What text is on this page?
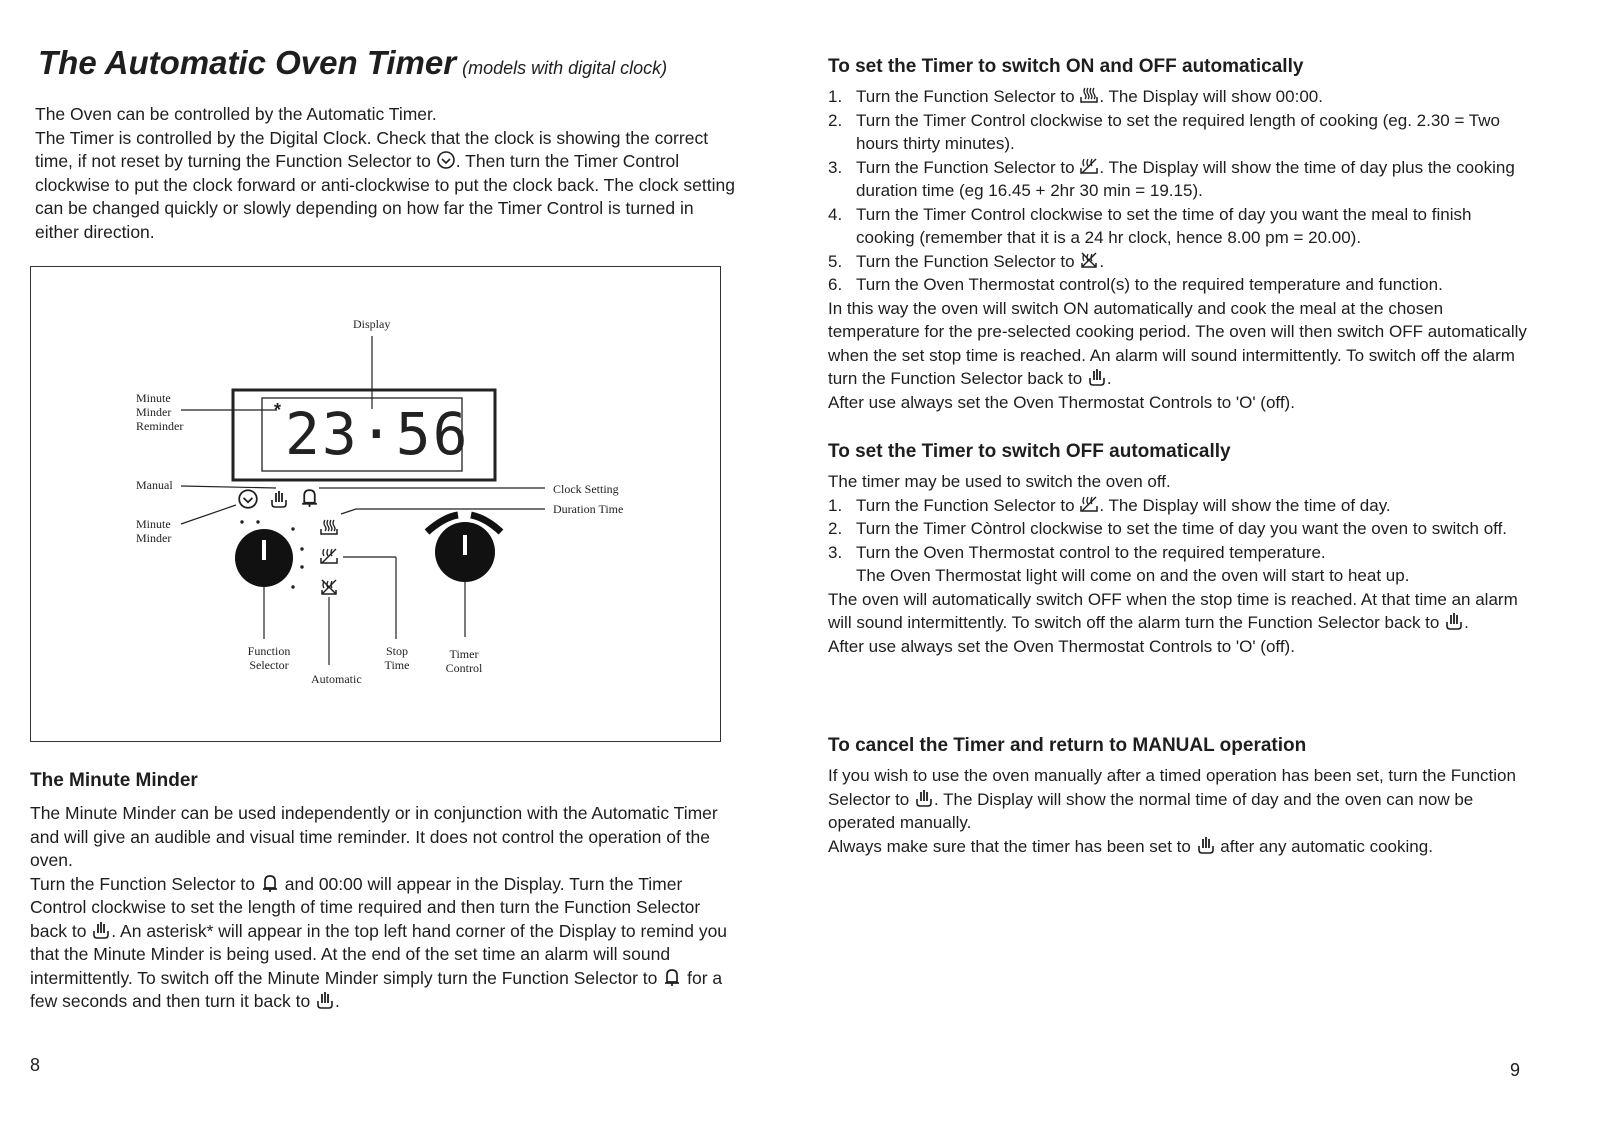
The Automatic Oven Timer (models with digital clock)

The Oven can be controlled by the Automatic Timer.

The Timer is controlled by the Digital Clock. Check that the clock is showing the correct time, if not reset by turning the Function Selector to . Then turn the Timer Control clockwise to put the clock forward or anti-clockwise to put the clock back. The clock setting can be changed quickly or slowly depending on how far the Timer Control is turned in either direction.

Display
23·56
*
Minute Minder Reminder
Manual
Minute Minder
Clock Setting
Duration Time
Function Selector
Automatic
Stop Time
Timer Control
The Minute Minder

The Minute Minder can be used independently or in conjunction with the Automatic Timer and will give an audible and visual time reminder. It does not control the operation of the oven.

Turn the Function Selector to  and 00:00 will appear in the Display. Turn the Timer Control clockwise to set the length of time required and then turn the Function Selector back to . An asterisk* will appear in the top left hand corner of the Display to remind you that the Minute Minder is being used. At the end of the set time an alarm will sound intermittently. To switch off the Minute Minder simply turn the Function Selector to  for a few seconds and then turn it back to .

8
To set the Timer to switch ON and OFF automatically
1. Turn the Function Selector to . The Display will show 00:00.
2. Turn the Timer Control clockwise to set the required length of cooking (eg. 2.30 = Two hours thirty minutes).
3. Turn the Function Selector to . The Display will show the time of day plus the cooking duration time (eg 16.45 + 2hr 30 min = 19.15).
4. Turn the Timer Control clockwise to set the time of day you want the meal to finish cooking (remember that it is a 24 hr clock, hence 8.00 pm = 20.00).
5. Turn the Function Selector to .
6. Turn the Oven Thermostat control(s) to the required temperature and function.

In this way the oven will switch ON automatically and cook the meal at the chosen temperature for the pre-selected cooking period. The oven will then switch OFF automatically when the set stop time is reached. An alarm will sound intermittently. To switch off the alarm turn the Function Selector back to .

After use always set the Oven Thermostat Controls to 'O' (off).

To set the Timer to switch OFF automatically

The timer may be used to switch the oven off.

1. Turn the Function Selector to . The Display will show the time of day.
2. Turn the Timer Còntrol clockwise to set the time of day you want the oven to switch off.
3. Turn the Oven Thermostat control to the required temperature.

The Oven Thermostat light will come on and the oven will start to heat up.

The oven will automatically switch OFF when the stop time is reached. At that time an alarm will sound intermittently. To switch off the alarm turn the Function Selector back to .

After use always set the Oven Thermostat Controls to 'O' (off).

To cancel the Timer and return to MANUAL operation

If you wish to use the oven manually after a timed operation has been set, turn the Function Selector to . The Display will show the normal time of day and the oven can now be operated manually.

Always make sure that the timer has been set to  after any automatic cooking.

9
